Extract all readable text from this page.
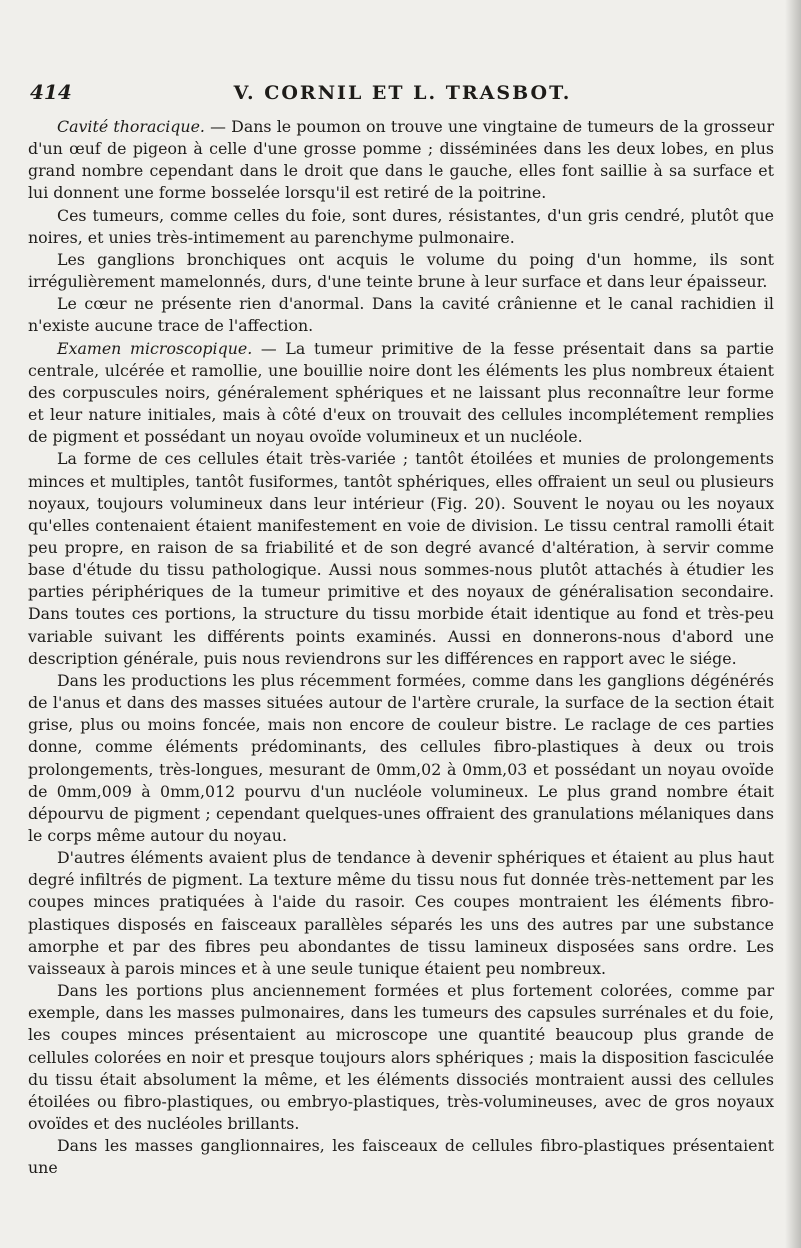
414	V. CORNIL ET L. TRASBOT.

Cavité thoracique. — Dans le poumon on trouve une vingtaine de tumeurs de la grosseur d'un œuf de pigeon à celle d'une grosse pomme ; disséminées dans les deux lobes, en plus grand nombre cependant dans le droit que dans le gauche, elles font saillie à sa surface et lui donnent une forme bosselée lorsqu'il est retiré de la poitrine.

Ces tumeurs, comme celles du foie, sont dures, résistantes, d'un gris cendré, plutôt que noires, et unies très-intimement au parenchyme pulmonaire.

Les ganglions bronchiques ont acquis le volume du poing d'un homme, ils sont irrégulièrement mamelonnés, durs, d'une teinte brune à leur surface et dans leur épaisseur.

Le cœur ne présente rien d'anormal. Dans la cavité crânienne et le canal rachidien il n'existe aucune trace de l'affection.

Examen microscopique. — La tumeur primitive de la fesse présentait dans sa partie centrale, ulcérée et ramollie, une bouillie noire dont les éléments les plus nombreux étaient des corpuscules noirs, généralement sphériques et ne laissant plus reconnaître leur forme et leur nature initiales, mais à côté d'eux on trouvait des cellules incomplétement remplies de pigment et possédant un noyau ovoïde volumineux et un nucléole.

La forme de ces cellules était très-variée ; tantôt étoilées et munies de prolongements minces et multiples, tantôt fusiformes, tantôt sphériques, elles offraient un seul ou plusieurs noyaux, toujours volumineux dans leur intérieur (Fig. 20). Souvent le noyau ou les noyaux qu'elles contenaient étaient manifestement en voie de division. Le tissu central ramolli était peu propre, en raison de sa friabilité et de son degré avancé d'altération, à servir comme base d'étude du tissu pathologique. Aussi nous sommes-nous plutôt attachés à étudier les parties périphériques de la tumeur primitive et des noyaux de généralisation secondaire. Dans toutes ces portions, la structure du tissu morbide était identique au fond et très-peu variable suivant les différents points examinés. Aussi en donnerons-nous d'abord une description générale, puis nous reviendrons sur les différences en rapport avec le siége.

Dans les productions les plus récemment formées, comme dans les ganglions dégénérés de l'anus et dans des masses situées autour de l'artère crurale, la surface de la section était grise, plus ou moins foncée, mais non encore de couleur bistre. Le raclage de ces parties donne, comme éléments prédominants, des cellules fibro-plastiques à deux ou trois prolongements, très-longues, mesurant de 0mm,02 à 0mm,03 et possédant un noyau ovoïde de 0mm,009 à 0mm,012 pourvu d'un nucléole volumineux. Le plus grand nombre était dépourvu de pigment ; cependant quelques-unes offraient des granulations mélaniques dans le corps même autour du noyau.

D'autres éléments avaient plus de tendance à devenir sphériques et étaient au plus haut degré infiltrés de pigment. La texture même du tissu nous fut donnée très-nettement par les coupes minces pratiquées à l'aide du rasoir. Ces coupes montraient les éléments fibro-plastiques disposés en faisceaux parallèles séparés les uns des autres par une substance amorphe et par des fibres peu abondantes de tissu lamineux disposées sans ordre. Les vaisseaux à parois minces et à une seule tunique étaient peu nombreux.

Dans les portions plus anciennement formées et plus fortement colorées, comme par exemple, dans les masses pulmonaires, dans les tumeurs des capsules surrénales et du foie, les coupes minces présentaient au microscope une quantité beaucoup plus grande de cellules colorées en noir et presque toujours alors sphériques ; mais la disposition fasciculée du tissu était absolument la même, et les éléments dissociés montraient aussi des cellules étoilées ou fibro-plastiques, ou embryo-plastiques, très-volumineuses, avec de gros noyaux ovoïdes et des nucléoles brillants.

Dans les masses ganglionnaires, les faisceaux de cellules fibro-plastiques présentaient une
